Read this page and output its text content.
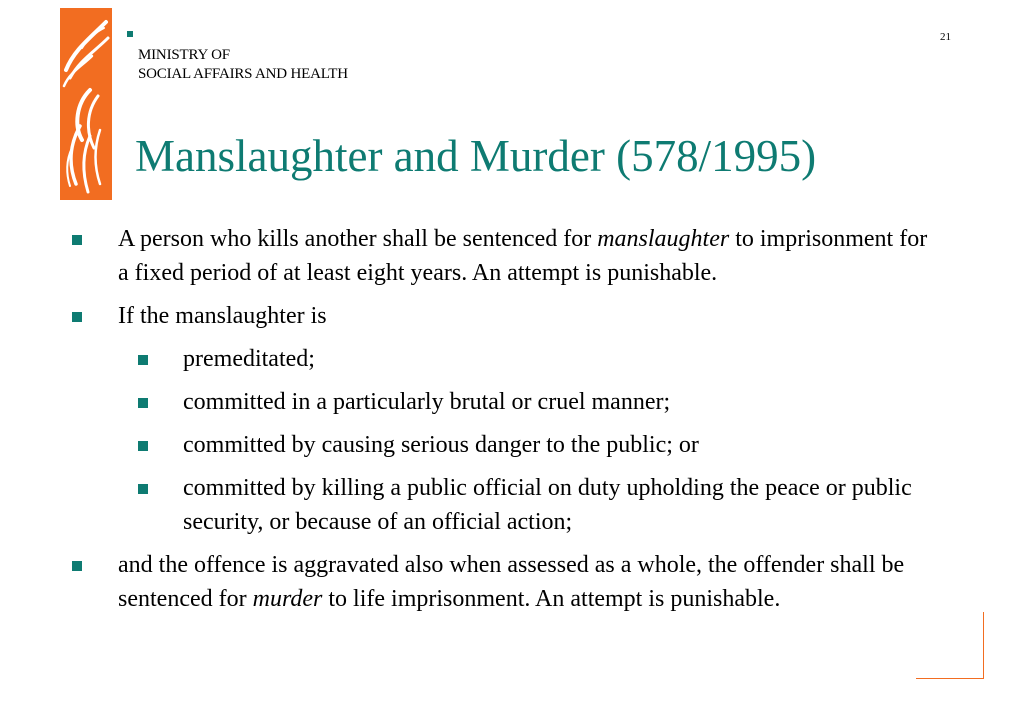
MINISTRY OF
SOCIAL AFFAIRS AND HEALTH
21
Manslaughter and Murder (578/1995)
A person who kills another shall be sentenced for manslaughter to imprisonment for a fixed period of at least eight years. An attempt is punishable.
If the manslaughter is
premeditated;
committed in a particularly brutal or cruel manner;
committed by causing serious danger to the public; or
committed by killing a public official on duty upholding the peace or public security, or because of an official action;
and the offence is aggravated also when assessed as a whole, the offender shall be sentenced for murder to life imprisonment. An attempt is punishable.
